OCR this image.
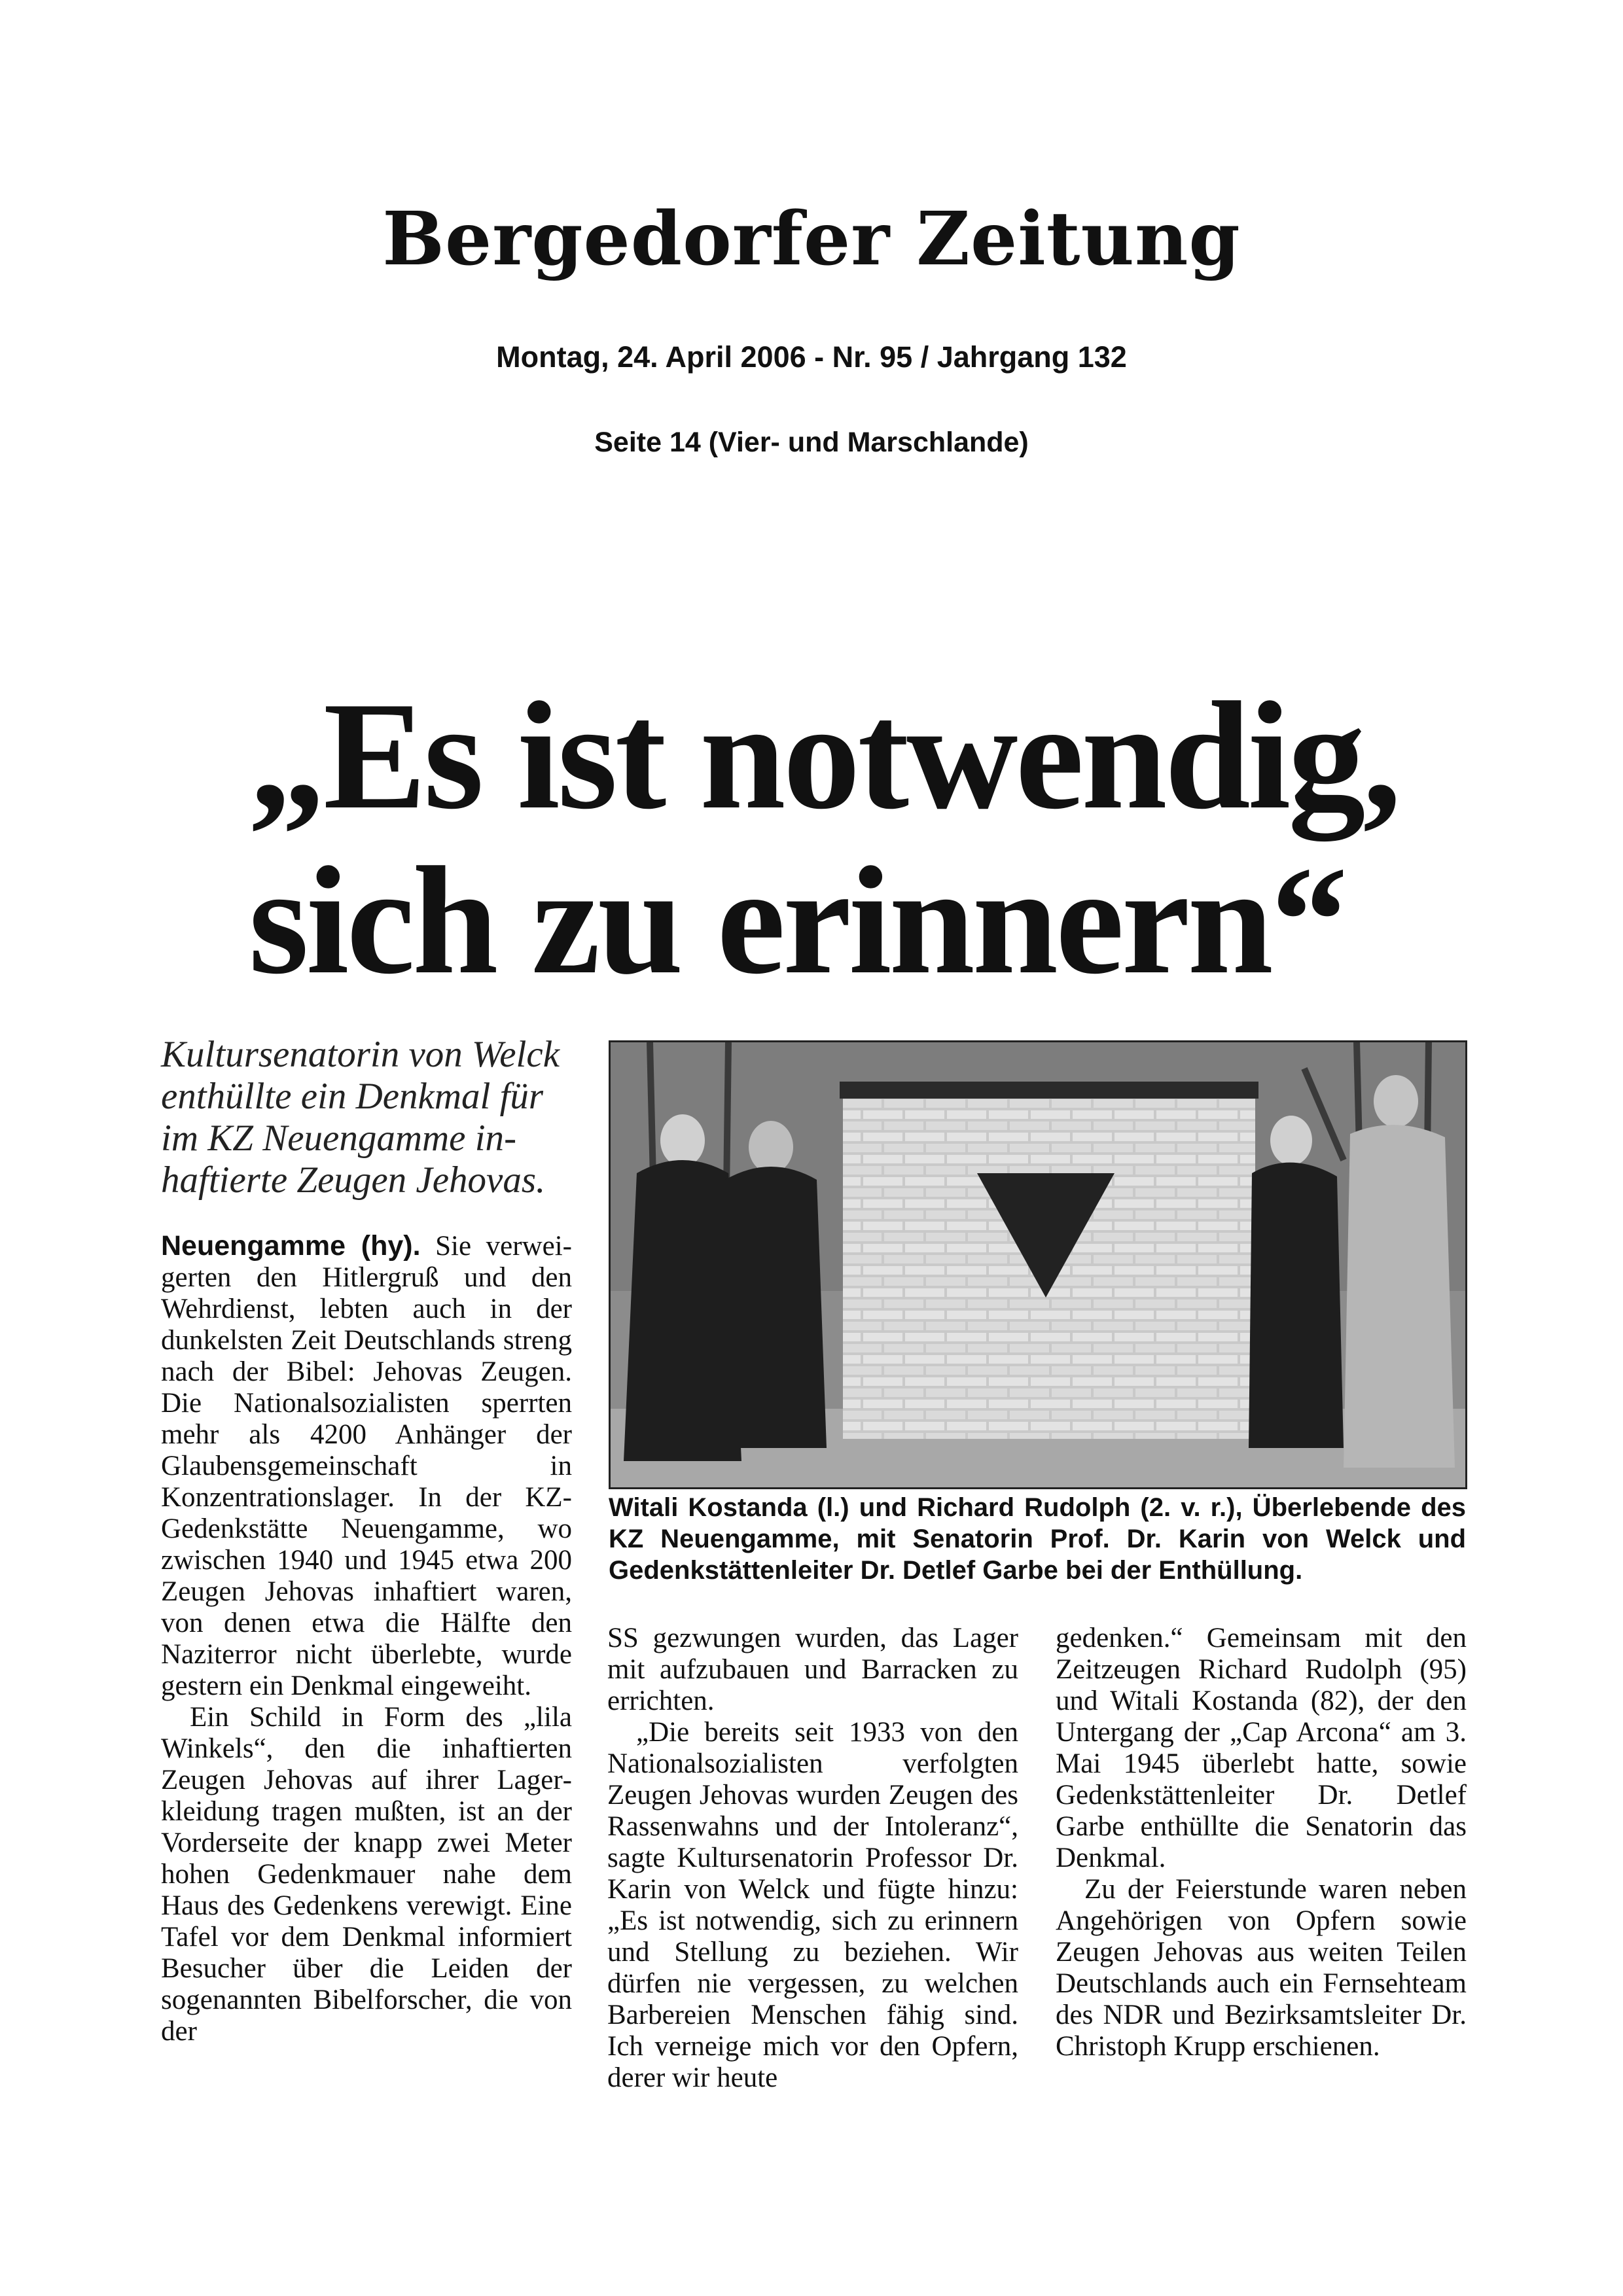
Bergedorfer Zeitung
Montag, 24. April 2006 - Nr. 95 / Jahrgang 132
Seite 14 (Vier- und Marschlande)
„Es ist notwendig,
sich zu erinnern“
Kultursenatorin von Welck enthüllte ein Denkmal für im KZ Neuengamme inhaftierte Zeugen Jehovas.
Witali Kostanda (l.) und Richard Rudolph (2. v. r.), Überlebende des KZ Neuengamme, mit Senatorin Prof. Dr. Karin von Welck und Gedenkstättenleiter Dr. Detlef Garbe bei der Enthüllung.

Neuengamme (hy). Sie verweigerten den Hitlergruß und den Wehrdienst, lebten auch in der dunkelsten Zeit Deutschlands streng nach der Bibel: Jehovas Zeugen. Die Nationalsozialisten sperrten mehr als 4200 Anhänger der Glaubensgemeinschaft in Konzentrationslager. In der KZ-Gedenkstätte Neuengamme, wo zwischen 1940 und 1945 etwa 200 Zeugen Jehovas inhaftiert waren, von denen etwa die Hälfte den Naziterror nicht überlebte, wurde gestern ein Denkmal eingeweiht.

Ein Schild in Form des „lila Winkels“, den die inhaftierten Zeugen Jehovas auf ihrer Lagerkleidung tragen mußten, ist an der Vorderseite der knapp zwei Meter hohen Gedenkmauer nahe dem Haus des Gedenkens verewigt. Eine Tafel vor dem Denkmal informiert Besucher über die Leiden der sogenannten Bibelforscher, die von der

SS gezwungen wurden, das Lager mit aufzubauen und Barracken zu errichten.

„Die bereits seit 1933 von den Nationalsozialisten verfolgten Zeugen Jehovas wurden Zeugen des Rassenwahns und der Intoleranz“, sagte Kultursenatorin Professor Dr. Karin von Welck und fügte hinzu: „Es ist notwendig, sich zu erinnern und Stellung zu beziehen. Wir dürfen nie vergessen, zu welchen Barbereien Menschen fähig sind. Ich verneige mich vor den Opfern, derer wir heute

gedenken.“ Gemeinsam mit den Zeitzeugen Richard Rudolph (95) und Witali Kostanda (82), der den Untergang der „Cap Arcona“ am 3. Mai 1945 überlebt hatte, sowie Gedenkstättenleiter Dr. Detlef Garbe enthüllte die Senatorin das Denkmal.

Zu der Feierstunde waren neben Angehörigen von Opfern sowie Zeugen Jehovas aus weiten Teilen Deutschlands auch ein Fernsehteam des NDR und Bezirksamtsleiter Dr. Christoph Krupp erschienen.
